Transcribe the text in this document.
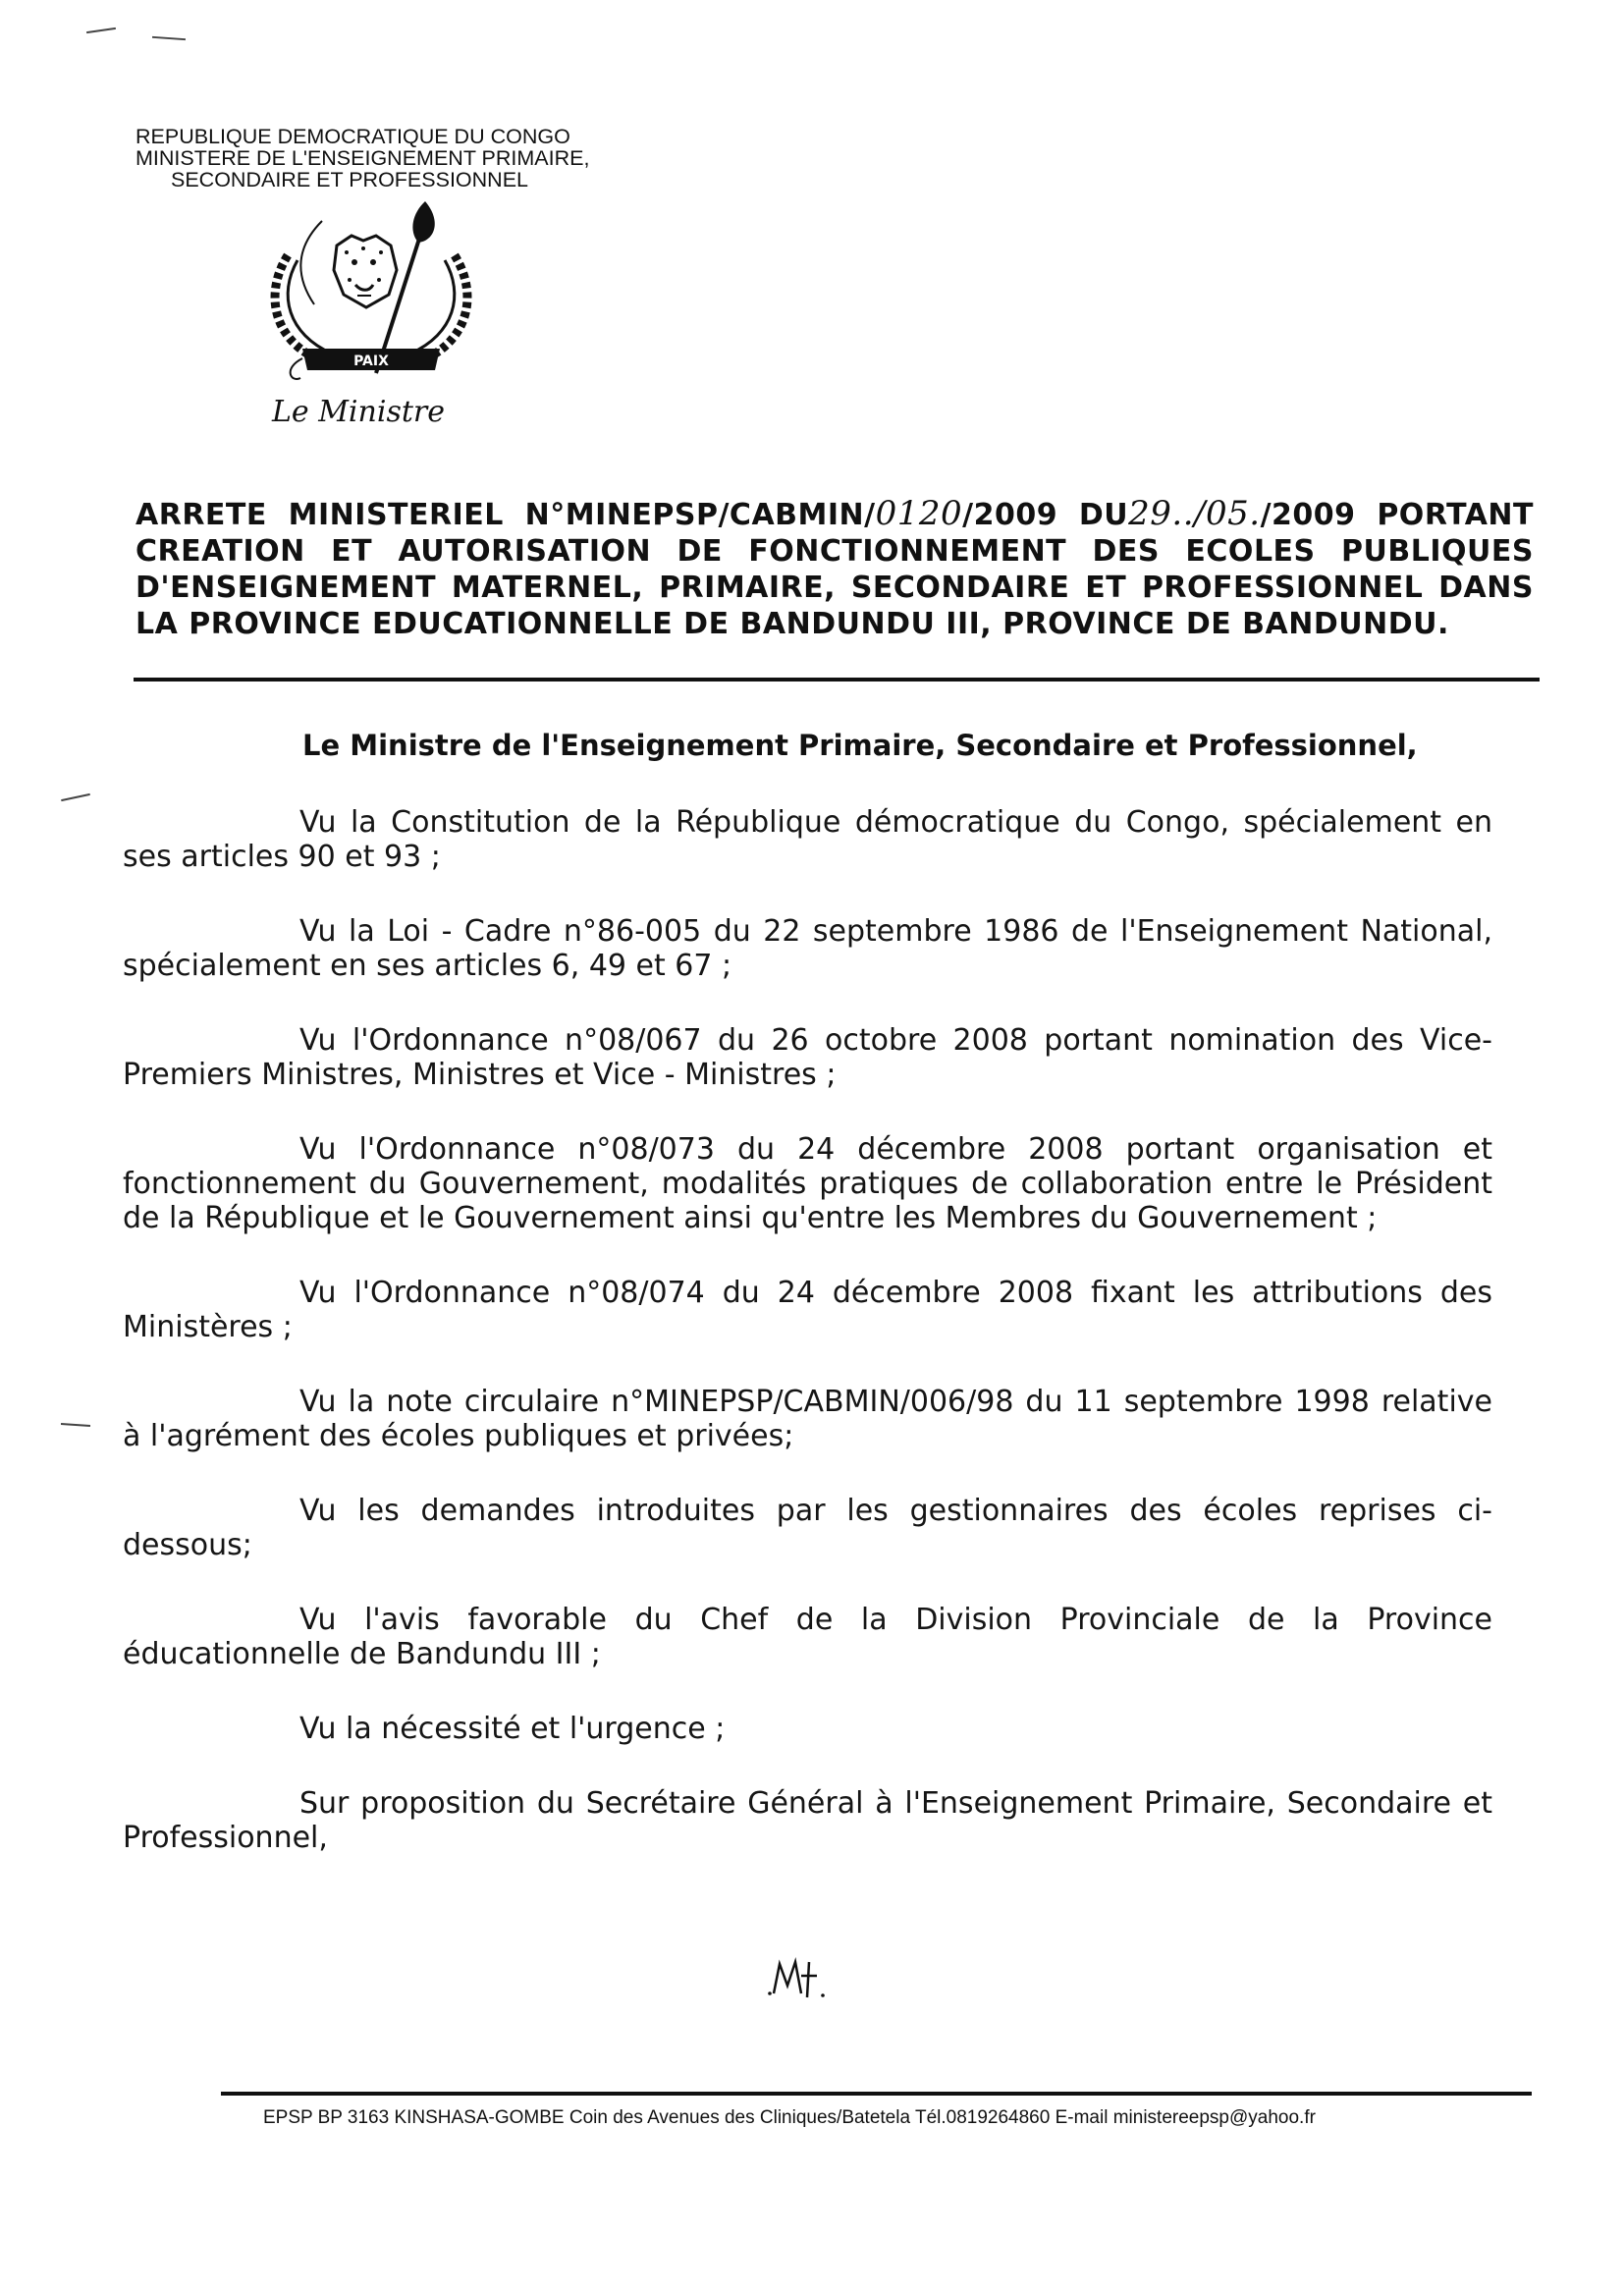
REPUBLIQUE DEMOCRATIQUE DU CONGO
MINISTERE DE L'ENSEIGNEMENT PRIMAIRE,
SECONDAIRE ET PROFESSIONNEL
PAIX
Le Ministre
ARRETE MINISTERIEL N°MINEPSP/CABMIN/0120/2009 DU29../05./2009 PORTANT
CREATION ET AUTORISATION DE FONCTIONNEMENT DES ECOLES PUBLIQUES
D'ENSEIGNEMENT MATERNEL, PRIMAIRE, SECONDAIRE ET PROFESSIONNEL DANS
LA PROVINCE EDUCATIONNELLE DE BANDUNDU III, PROVINCE DE BANDUNDU.
Le Ministre de l'Enseignement Primaire, Secondaire et Professionnel,

Vu la Constitution de la République démocratique du Congo, spécialement en ses articles 90 et 93 ;

Vu la Loi - Cadre n°86-005 du 22 septembre 1986 de l'Enseignement National, spécialement en ses articles 6, 49 et 67 ;

Vu l'Ordonnance n°08/067 du 26 octobre 2008 portant nomination des Vice-Premiers Ministres, Ministres et Vice - Ministres ;

Vu l'Ordonnance n°08/073 du 24 décembre 2008 portant organisation et fonctionnement du Gouvernement, modalités pratiques de collaboration entre le Président de la République et le Gouvernement ainsi qu'entre les Membres du Gouvernement ;

Vu l'Ordonnance n°08/074 du 24 décembre 2008 fixant les attributions des Ministères ;

Vu la note circulaire n°MINEPSP/CABMIN/006/98 du 11 septembre 1998 relative à l'agrément des écoles publiques et privées;

Vu les demandes introduites par les gestionnaires des écoles reprises ci-dessous;

Vu l'avis favorable du Chef de la Division Provinciale de la Province éducationnelle de Bandundu III ;

Vu la nécessité et l'urgence ;

Sur proposition du Secrétaire Général à l'Enseignement Primaire, Secondaire et Professionnel,

EPSP BP 3163 KINSHASA-GOMBE Coin des Avenues des Cliniques/Batetela Tél.0819264860 E-mail ministereepsp@yahoo.fr
